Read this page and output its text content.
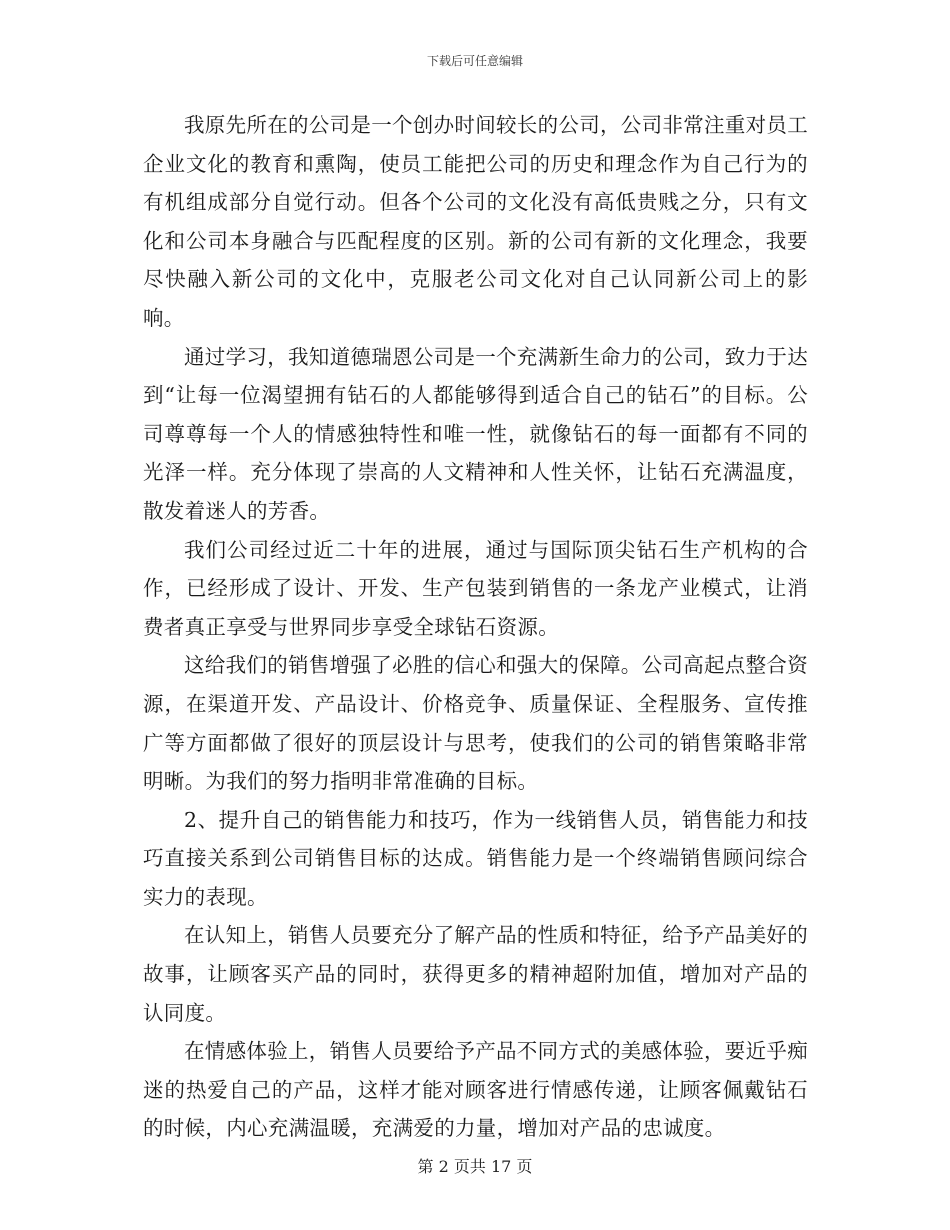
下载后可任意编辑

我原先所在的公司是一个创办时间较长的公司，公司非常注重对员工企业文化的教育和熏陶，使员工能把公司的历史和理念作为自己行为的有机组成部分自觉行动。但各个公司的文化没有高低贵贱之分，只有文化和公司本身融合与匹配程度的区别。新的公司有新的文化理念，我要尽快融入新公司的文化中，克服老公司文化对自己认同新公司上的影响。

通过学习，我知道德瑞恩公司是一个充满新生命力的公司，致力于达到“让每一位渴望拥有钻石的人都能够得到适合自己的钻石”的目标。公司尊尊每一个人的情感独特性和唯一性，就像钻石的每一面都有不同的光泽一样。充分体现了崇高的人文精神和人性关怀，让钻石充满温度，散发着迷人的芳香。

我们公司经过近二十年的进展，通过与国际顶尖钻石生产机构的合作，已经形成了设计、开发、生产包装到销售的一条龙产业模式，让消费者真正享受与世界同步享受全球钻石资源。

这给我们的销售增强了必胜的信心和强大的保障。公司高起点整合资源，在渠道开发、产品设计、价格竞争、质量保证、全程服务、宣传推广等方面都做了很好的顶层设计与思考，使我们的公司的销售策略非常明晰。为我们的努力指明非常准确的目标。

2、提升自己的销售能力和技巧，作为一线销售人员，销售能力和技巧直接关系到公司销售目标的达成。销售能力是一个终端销售顾问综合实力的表现。

在认知上，销售人员要充分了解产品的性质和特征，给予产品美好的故事，让顾客买产品的同时，获得更多的精神超附加值，增加对产品的认同度。

在情感体验上，销售人员要给予产品不同方式的美感体验，要近乎痴迷的热爱自己的产品，这样才能对顾客进行情感传递，让顾客佩戴钻石的时候，内心充满温暖，充满爱的力量，增加对产品的忠诚度。

第 2 页共 17 页
